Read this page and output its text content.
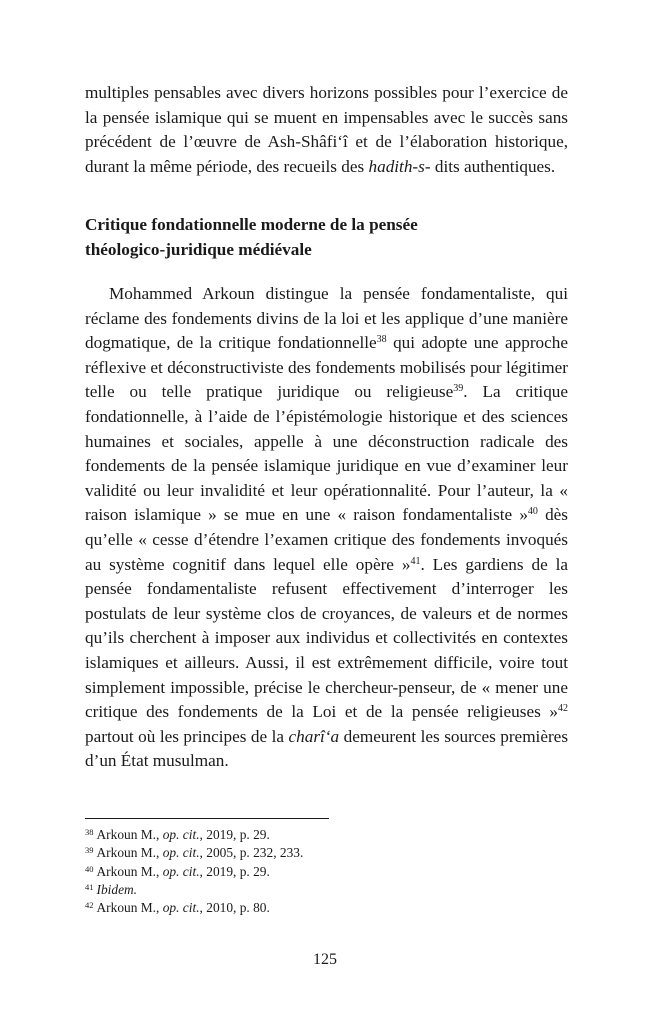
multiples pensables avec divers horizons possibles pour l’exercice de la pensée islamique qui se muent en impensables avec le succès sans précédent de l’œuvre de Ash-Shâfi‘î et de l’élaboration historique, durant la même période, des recueils des hadith-s- dits authentiques.
Critique fondationnelle moderne de la pensée
théologico-juridique médiévale
Mohammed Arkoun distingue la pensée fondamentaliste, qui réclame des fondements divins de la loi et les applique d’une manière dogmatique, de la critique fondationnelle$^{38}$ qui adopte une approche réflexive et déconstructiviste des fondements mobilisés pour légitimer telle ou telle pratique juridique ou religieuse$^{39}$. La critique fondationnelle, à l’aide de l’épistémologie historique et des sciences humaines et sociales, appelle à une déconstruction radicale des fondements de la pensée islamique juridique en vue d’examiner leur validité ou leur invalidité et leur opérationnalité. Pour l’auteur, la « raison islamique » se mue en une « raison fondamentaliste »$^{40}$ dès qu’elle « cesse d’étendre l’examen critique des fondements invoqués au système cognitif dans lequel elle opère »$^{41}$. Les gardiens de la pensée fondamentaliste refusent effectivement d’interroger les postulats de leur système clos de croyances, de valeurs et de normes qu’ils cherchent à imposer aux individus et collectivités en contextes islamiques et ailleurs. Aussi, il est extrêmement difficile, voire tout simplement impossible, précise le chercheur-penseur, de « mener une critique des fondements de la Loi et de la pensée religieuses »$^{42}$ partout où les principes de la charî‘a demeurent les sources premières d’un État musulman.
$^{38}$ Arkoun M., op. cit., 2019, p. 29.
$^{39}$ Arkoun M., op. cit., 2005, p. 232, 233.
$^{40}$ Arkoun M., op. cit., 2019, p. 29.
$^{41}$ Ibidem.
$^{42}$ Arkoun M., op. cit., 2010, p. 80.
125
